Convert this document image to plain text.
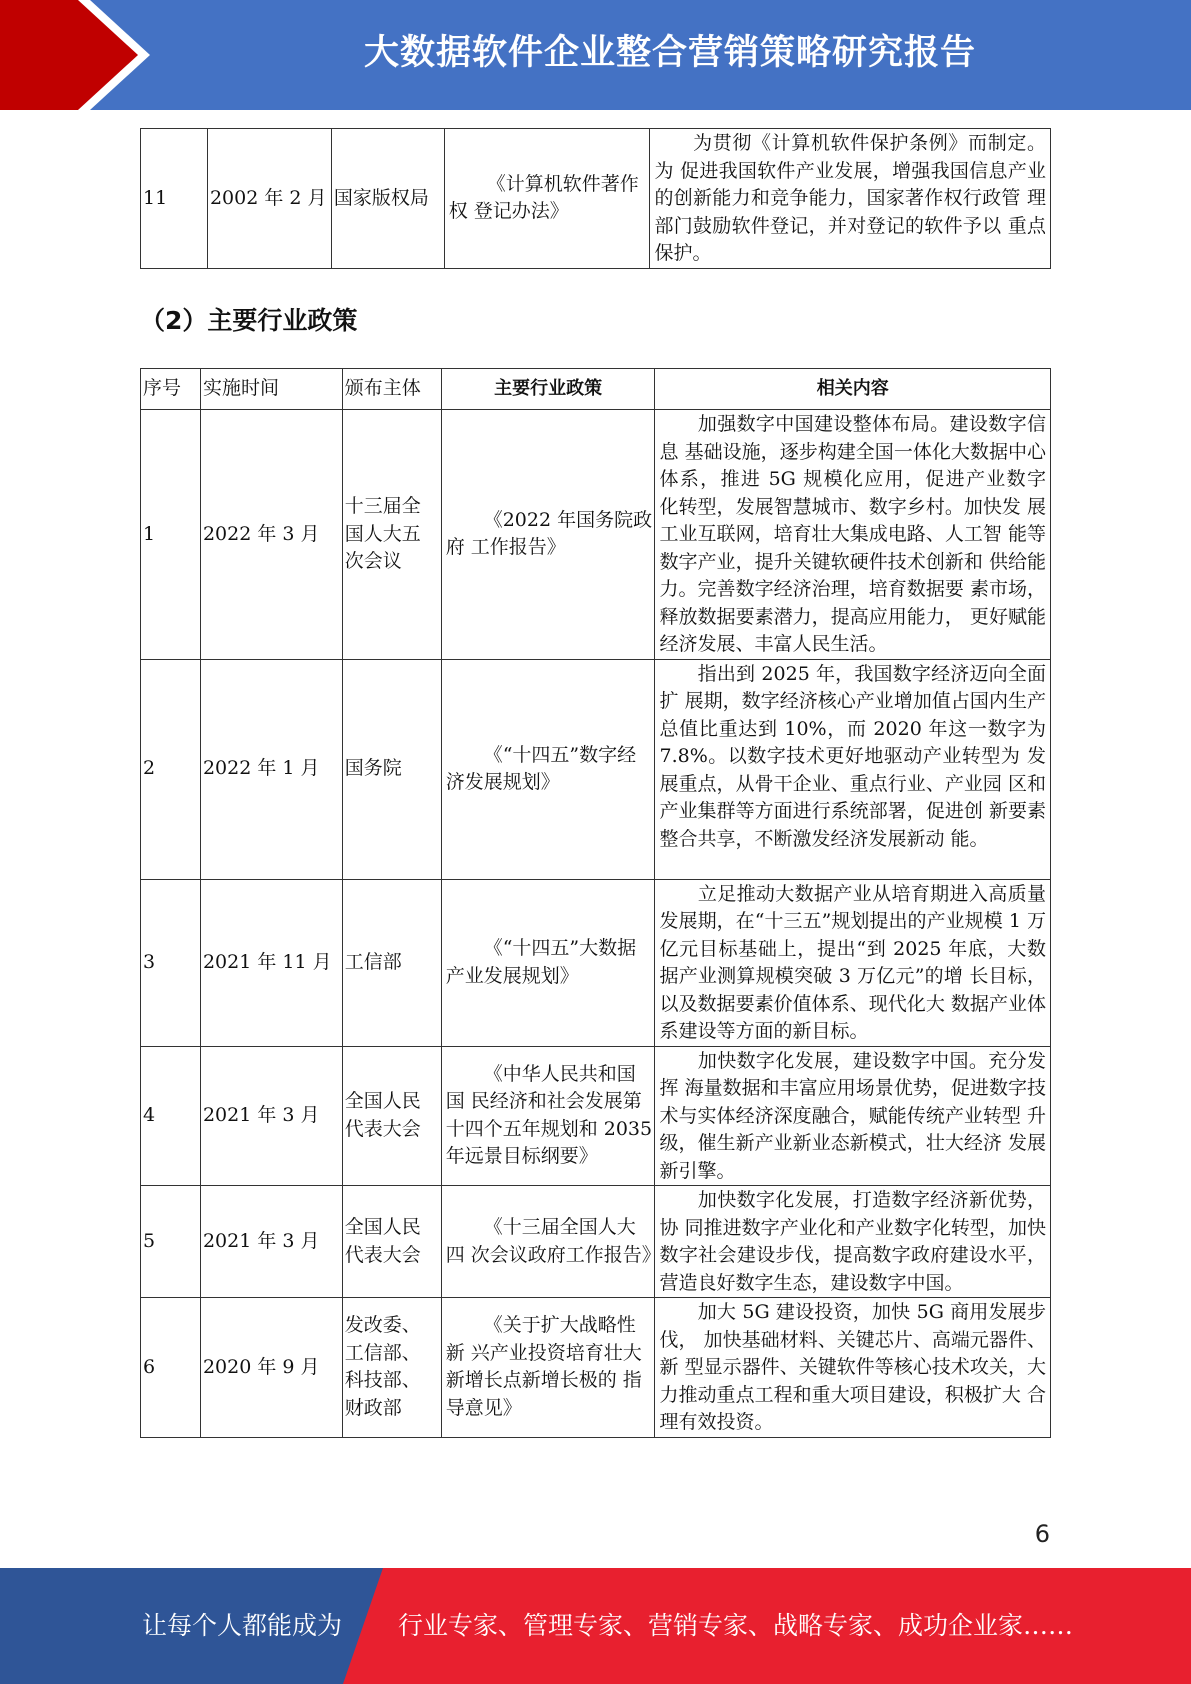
大数据软件企业整合营销策略研究报告
11	2002 年 2 月	国家版权局	《计算机软件著作权 登记办法》	为贯彻《计算机软件保护条例》而制定。为 促进我国软件产业发展，增强我国信息产业 的创新能力和竞争能力，国家著作权行政管 理部门鼓励软件登记，并对登记的软件予以 重点保护。
（2）主要行业政策
序号	实施时间	颁布主体	主要行业政策	相关内容
1	2022 年 3 月	十三届全国人大五次会议	《2022 年国务院政府 工作报告》	加强数字中国建设整体布局。建设数字信息 基础设施，逐步构建全国一体化大数据中心 体系，推进 5G 规模化应用，促进产业数字 化转型，发展智慧城市、数字乡村。加快发 展工业互联网，培育壮大集成电路、人工智 能等数字产业，提升关键软硬件技术创新和 供给能力。完善数字经济治理，培育数据要 素市场，释放数据要素潜力，提高应用能力， 更好赋能经济发展、丰富人民生活。
2	2022 年 1 月	国务院	《“十四五”数字经 济发展规划》	指出到 2025 年，我国数字经济迈向全面扩 展期，数字经济核心产业增加值占国内生产 总值比重达到 10%，而 2020 年这一数字为 7.8%。以数字技术更好地驱动产业转型为 发展重点，从骨干企业、重点行业、产业园 区和产业集群等方面进行系统部署，促进创 新要素整合共享，不断激发经济发展新动 能。
3	2021 年 11 月	工信部	《“十四五”大数据 产业发展规划》	立足推动大数据产业从培育期进入高质量 发展期，在“十三五”规划提出的产业规模 1 万亿元目标基础上，提出“到 2025 年底，大数据产业测算规模突破 3 万亿元”的增 长目标，以及数据要素价值体系、现代化大 数据产业体系建设等方面的新目标。
4	2021 年 3 月	全国人民代表大会	《中华人民共和国国 民经济和社会发展第十四个五年规划和 2035 年远景目标纲要》	加快数字化发展，建设数字中国。充分发挥 海量数据和丰富应用场景优势，促进数字技 术与实体经济深度融合，赋能传统产业转型 升级，催生新产业新业态新模式，壮大经济 发展新引擎。
5	2021 年 3 月	全国人民代表大会	《十三届全国人大四 次会议政府工作报告》	加快数字化发展，打造数字经济新优势，协 同推进数字产业化和产业数字化转型，加快 数字社会建设步伐，提高数字政府建设水平，营造良好数字生态，建设数字中国。
6	2020 年 9 月	发改委、工信部、科技部、财政部	《关于扩大战略性新 兴产业投资培育壮大新增长点新增长极的 指导意见》	加大 5G 建设投资，加快 5G 商用发展步伐， 加快基础材料、关键芯片、高端元器件、新 型显示器件、关键软件等核心技术攻关，大 力推动重点工程和重大项目建设，积极扩大 合理有效投资。
6
让每个人都能成为 行业专家、管理专家、营销专家、战略专家、成功企业家……
